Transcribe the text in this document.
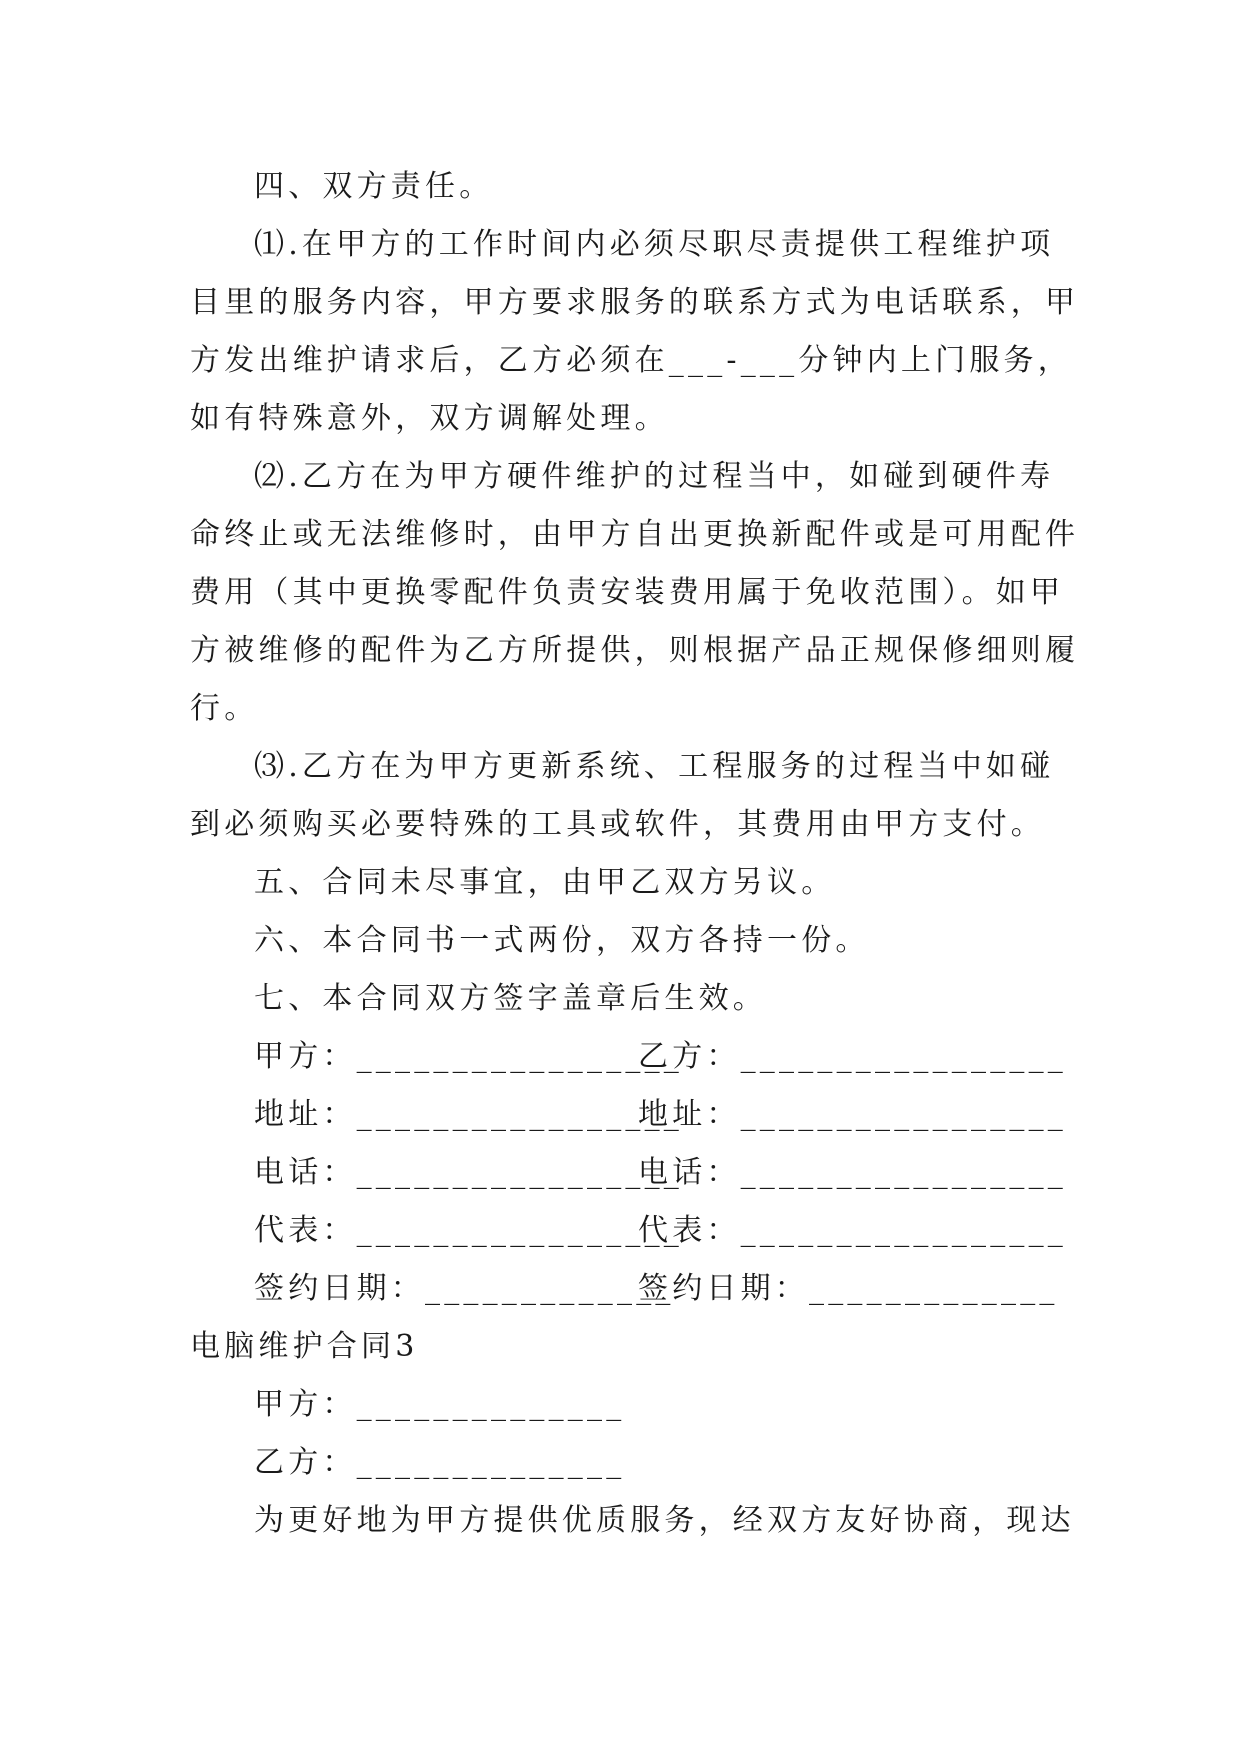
四、双方责任。

⑴.在甲方的工作时间内必须尽职尽责提供工程维护项

目里的服务内容，甲方要求服务的联系方式为电话联系，甲

方发出维护请求后，乙方必须在___-___分钟内上门服务，

如有特殊意外，双方调解处理。

⑵.乙方在为甲方硬件维护的过程当中，如碰到硬件寿

命终止或无法维修时，由甲方自出更换新配件或是可用配件

费用（其中更换零配件负责安装费用属于免收范围）。如甲

方被维修的配件为乙方所提供，则根据产品正规保修细则履

行。

⑶.乙方在为甲方更新系统、工程服务的过程当中如碰

到必须购买必要特殊的工具或软件，其费用由甲方支付。

五、合同未尽事宜，由甲乙双方另议。

六、本合同书一式两份，双方各持一份。

七、本合同双方签字盖章后生效。

甲方：_________________
乙方：_________________
地址：_________________
地址：_________________
电话：_________________
电话：_________________
代表：_________________
代表：_________________
签约日期：_____________
签约日期：_____________

电脑维护合同3

甲方：______________

乙方：______________

为更好地为甲方提供优质服务，经双方友好协商，现达
